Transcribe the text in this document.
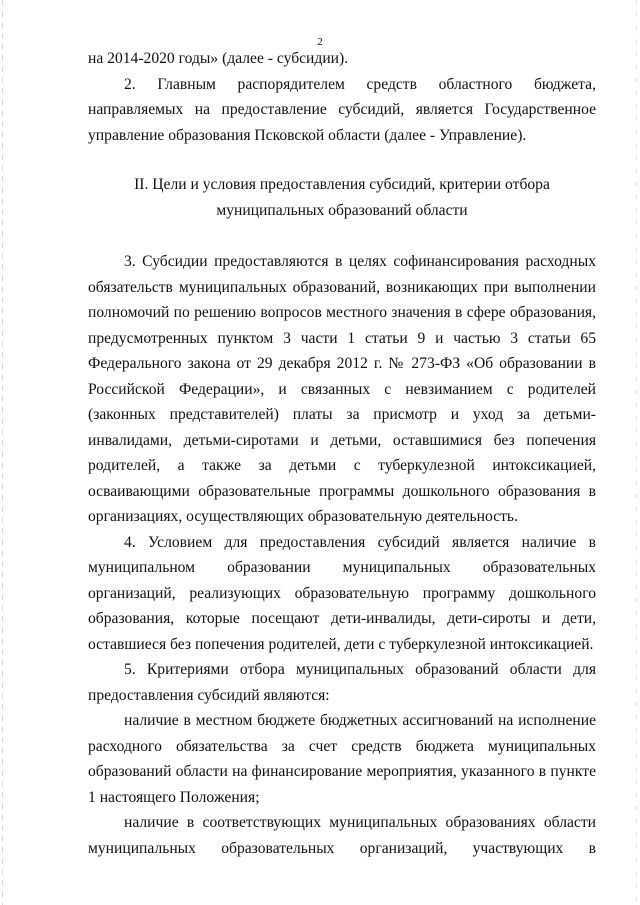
2

на 2014-2020 годы» (далее - субсидии).

2. Главным распорядителем средств областного бюджета, направляемых на предоставление субсидий, является Государственное управление образования Псковской области (далее - Управление).

II. Цели и условия предоставления субсидий, критерии отбора

муниципальных образований области

3. Субсидии предоставляются в целях софинансирования расходных обязательств муниципальных образований, возникающих при выполнении полномочий по решению вопросов местного значения в сфере образования, предусмотренных пунктом 3 части 1 статьи 9 и частью 3 статьи 65 Федерального закона от 29 декабря 2012 г. № 273-ФЗ «Об образовании в Российской Федерации», и связанных с невзиманием с родителей (законных представителей) платы за присмотр и уход за детьми-инвалидами, детьми-сиротами и детьми, оставшимися без попечения родителей, а также за детьми с туберкулезной интоксикацией, осваивающими образовательные программы дошкольного образования в организациях, осуществляющих образовательную деятельность.

4. Условием для предоставления субсидий является наличие в муниципальном образовании муниципальных образовательных организаций, реализующих образовательную программу дошкольного образования, которые посещают дети-инвалиды, дети-сироты и дети, оставшиеся без попечения родителей, дети с туберкулезной интоксикацией.

5. Критериями отбора муниципальных образований области для предоставления субсидий являются:

наличие в местном бюджете бюджетных ассигнований на исполнение расходного обязательства за счет средств бюджета муниципальных образований области на финансирование мероприятия, указанного в пункте 1 настоящего Положения;

наличие в соответствующих муниципальных образованиях области муниципальных образовательных организаций, участвующих в
